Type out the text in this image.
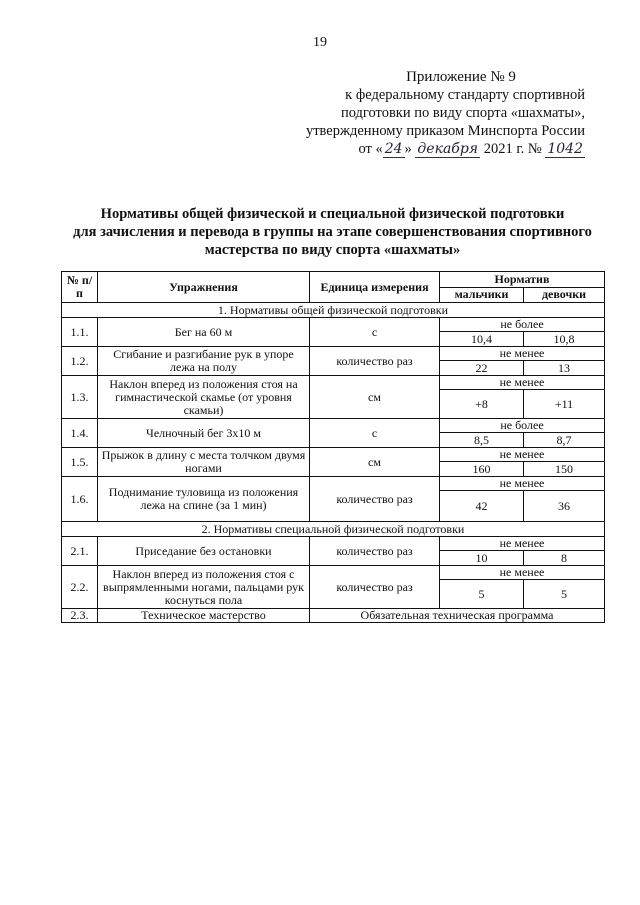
19
Приложение № 9
к федеральному стандарту спортивной
подготовки по виду спорта «шахматы»,
утвержденному приказом Минспорта России
от « 24 » декабря 2021 г. № 1042
Нормативы общей физической и специальной физической подготовки
для зачисления и перевода в группы на этапе совершенствования спортивного
мастерства по виду спорта «шахматы»
№ п/п	Упражнения	Единица измерения	Норматив	
			мальчики	девочки
1. Нормативы общей физической подготовки				
1.1.	Бег на 60 м	с	не более	
			10,4	10,8
1.2.	Сгибание и разгибание рук в упоре лежа на полу	количество раз	не менее	
			22	13
1.3.	Наклон вперед из положения стоя на гимнастической скамье (от уровня скамьи)	см	не менее	
			+8	+11
1.4.	Челночный бег 3х10 м	с	не более	
			8,5	8,7
1.5.	Прыжок в длину с места толчком двумя ногами	см	не менее	
			160	150
1.6.	Поднимание туловища из положения лежа на спине (за 1 мин)	количество раз	не менее	
			42	36
2. Нормативы специальной физической подготовки				
2.1.	Приседание без остановки	количество раз	не менее	
			10	8
2.2.	Наклон вперед из положения стоя с выпрямленными ногами, пальцами рук коснуться пола	количество раз	не менее	
			5	5
2.3.	Техническое мастерство	Обязательная техническая программа		
